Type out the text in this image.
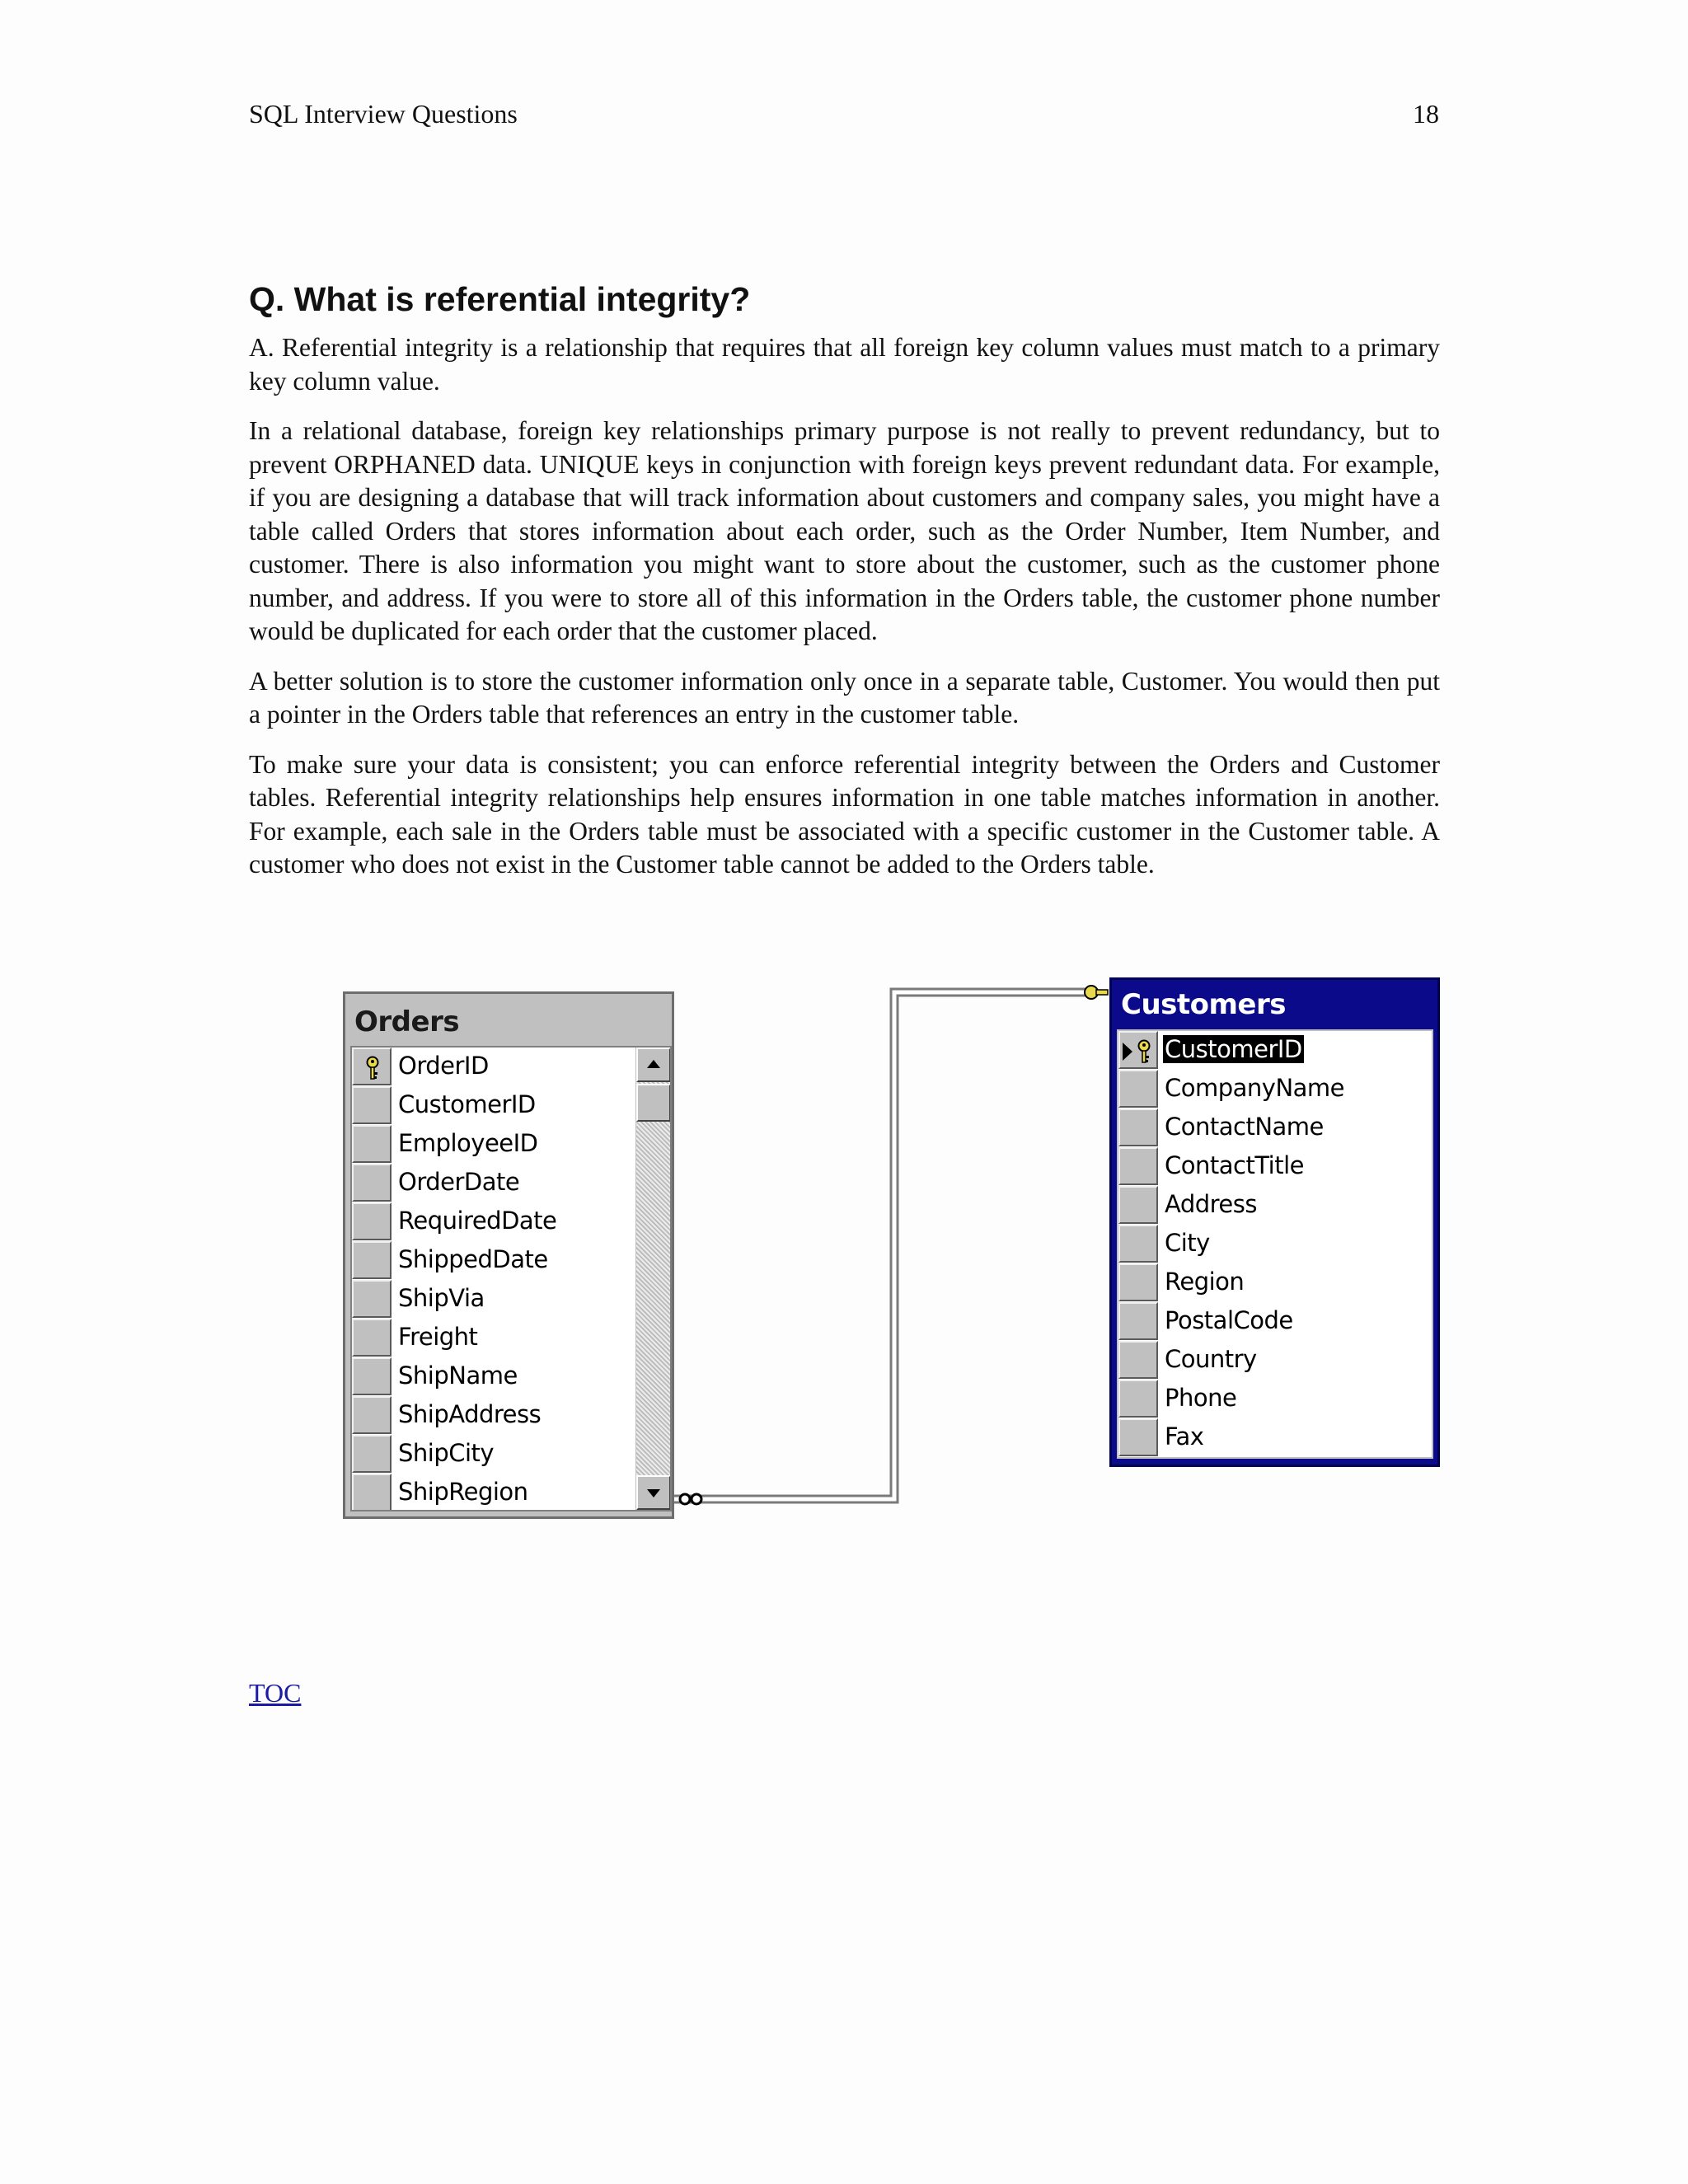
SQL Interview Questions	18
Q. What is referential integrity?

A. Referential integrity is a relationship that requires that all foreign key column values must match to a primary key column value.

In a relational database, foreign key relationships primary purpose is not really to prevent redundancy, but to prevent ORPHANED data. UNIQUE keys in conjunction with foreign keys prevent redundant data. For example, if you are designing a database that will track information about customers and company sales, you might have a table called Orders that stores information about each order, such as the Order Number, Item Number, and customer. There is also information you might want to store about the customer, such as the customer phone number, and address. If you were to store all of this information in the Orders table, the customer phone number would be duplicated for each order that the customer placed.

A better solution is to store the customer information only once in a separate table, Customer. You would then put a pointer in the Orders table that references an entry in the customer table.

To make sure your data is consistent; you can enforce referential integrity between the Orders and Customer tables. Referential integrity relationships help ensures information in one table matches information in another. For example, each sale in the Orders table must be associated with a specific customer in the Customer table. A customer who does not exist in the Customer table cannot be added to the Orders table.

Orders
OrderID
CustomerID
EmployeeID
OrderDate
RequiredDate
ShippedDate
ShipVia
Freight
ShipName
ShipAddress
ShipCity
ShipRegion
Customers
CustomerID
CompanyName
ContactName
ContactTitle
Address
City
Region
PostalCode
Country
Phone
Fax
TOC
